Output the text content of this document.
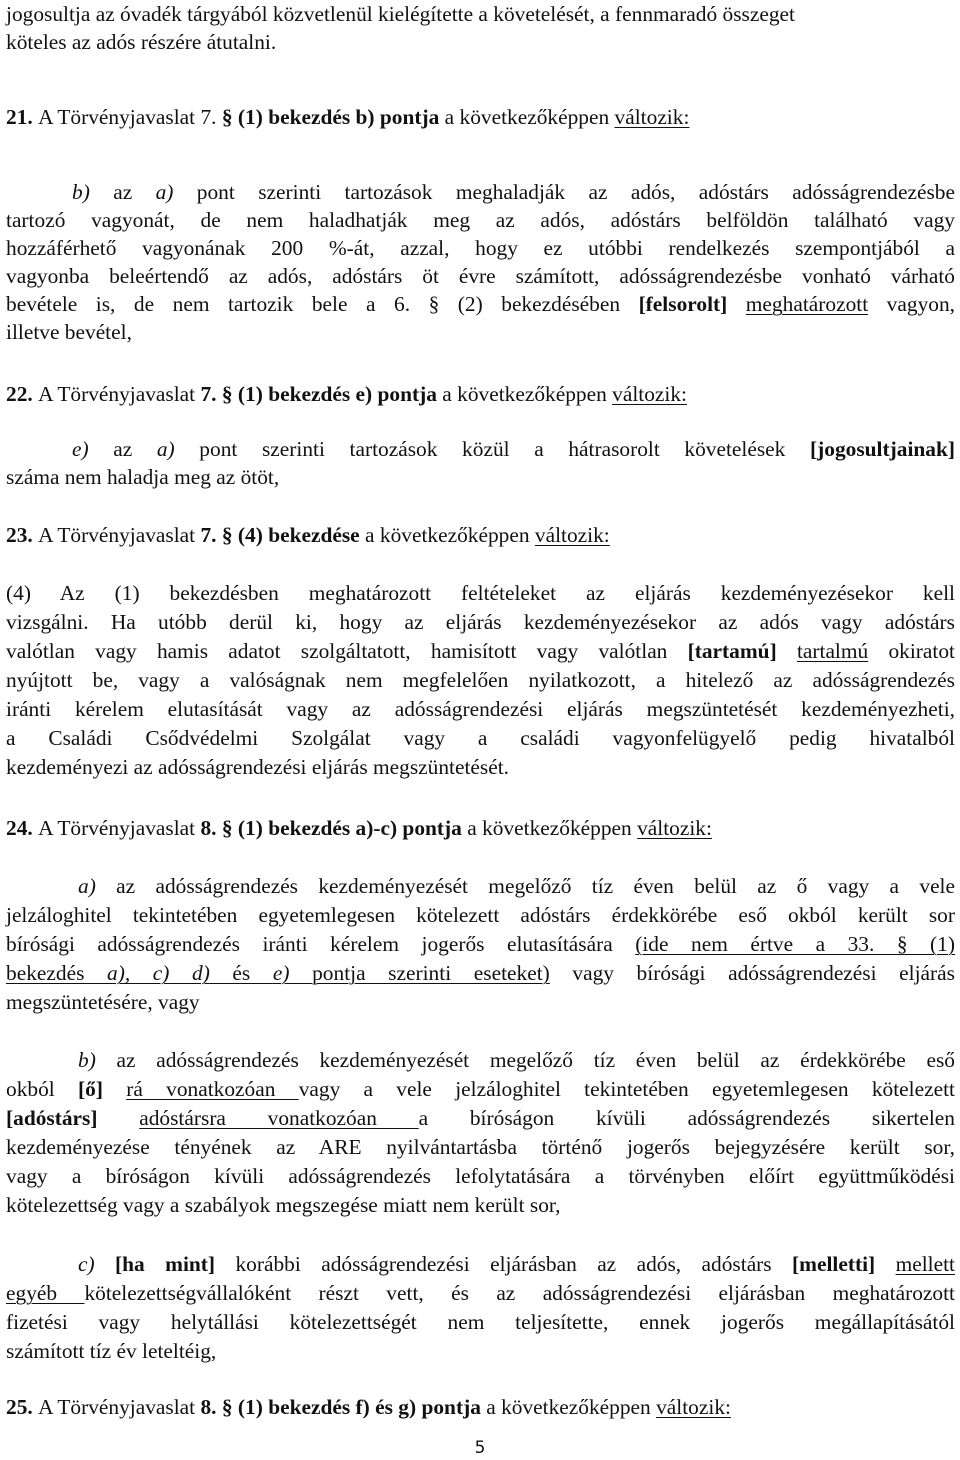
jogosultja az óvadék tárgyából közvetlenül kielégítette a követelését, a fennmaradó összeget
köteles az adós részére átutalni.
21. A Törvényjavaslat 7. § (1) bekezdés b) pontja a következőképpen változik:
b) az a) pont szerinti tartozások meghaladják az adós, adóstárs adósságrendezésbe
tartozó vagyonát, de nem haladhatják meg az adós, adóstárs belföldön található vagy
hozzáférhető vagyonának 200 %-át, azzal, hogy ez utóbbi rendelkezés szempontjából a
vagyonba beleértendő az adós, adóstárs öt évre számított, adósságrendezésbe vonható várható
bevétele is, de nem tartozik bele a 6. § (2) bekezdésében [felsorolt] meghatározott vagyon,
illetve bevétel,
22. A Törvényjavaslat 7. § (1) bekezdés e) pontja a következőképpen változik:
e) az a) pont szerinti tartozások közül a hátrasorolt követelések [jogosultjainak]
száma nem haladja meg az ötöt,
23. A Törvényjavaslat 7. § (4) bekezdése a következőképpen változik:
(4) Az (1) bekezdésben meghatározott feltételeket az eljárás kezdeményezésekor kell
vizsgálni. Ha utóbb derül ki, hogy az eljárás kezdeményezésekor az adós vagy adóstárs
valótlan vagy hamis adatot szolgáltatott, hamisított vagy valótlan [tartamú] tartalmú okiratot
nyújtott be, vagy a valóságnak nem megfelelően nyilatkozott, a hitelező az adósságrendezés
iránti kérelem elutasítását vagy az adósságrendezési eljárás megszüntetését kezdeményezheti,
a Családi Csődvédelmi Szolgálat vagy a családi vagyonfelügyelő pedig hivatalból
kezdeményezi az adósságrendezési eljárás megszüntetését.
24. A Törvényjavaslat 8. § (1) bekezdés a)-c) pontja a következőképpen változik:
a) az adósságrendezés kezdeményezését megelőző tíz éven belül az ő vagy a vele
jelzáloghitel tekintetében egyetemlegesen kötelezett adóstárs érdekkörébe eső okból került sor
bírósági adósságrendezés iránti kérelem jogerős elutasítására (ide nem értve a 33. § (1)
bekezdés a), c) d) és e) pontja szerinti eseteket) vagy bírósági adósságrendezési eljárás
megszüntetésére, vagy
b) az adósságrendezés kezdeményezését megelőző tíz éven belül az érdekkörébe eső
okból [ő] rá vonatkozóan vagy a vele jelzáloghitel tekintetében egyetemlegesen kötelezett
[adóstárs] adóstársra vonatkozóan a bíróságon kívüli adósságrendezés sikertelen
kezdeményezése tényének az ARE nyilvántartásba történő jogerős bejegyzésére került sor,
vagy a bíróságon kívüli adósságrendezés lefolytatására a törvényben előírt együttműködési
kötelezettség vagy a szabályok megszegése miatt nem került sor,
c) [ha mint] korábbi adósságrendezési eljárásban az adós, adóstárs [melletti] mellett
egyéb kötelezettségvállalóként részt vett, és az adósságrendezési eljárásban meghatározott
fizetési vagy helytállási kötelezettségét nem teljesítette, ennek jogerős megállapításától
számított tíz év leteltéig,
25. A Törvényjavaslat 8. § (1) bekezdés f) és g) pontja a következőképpen változik:
5
